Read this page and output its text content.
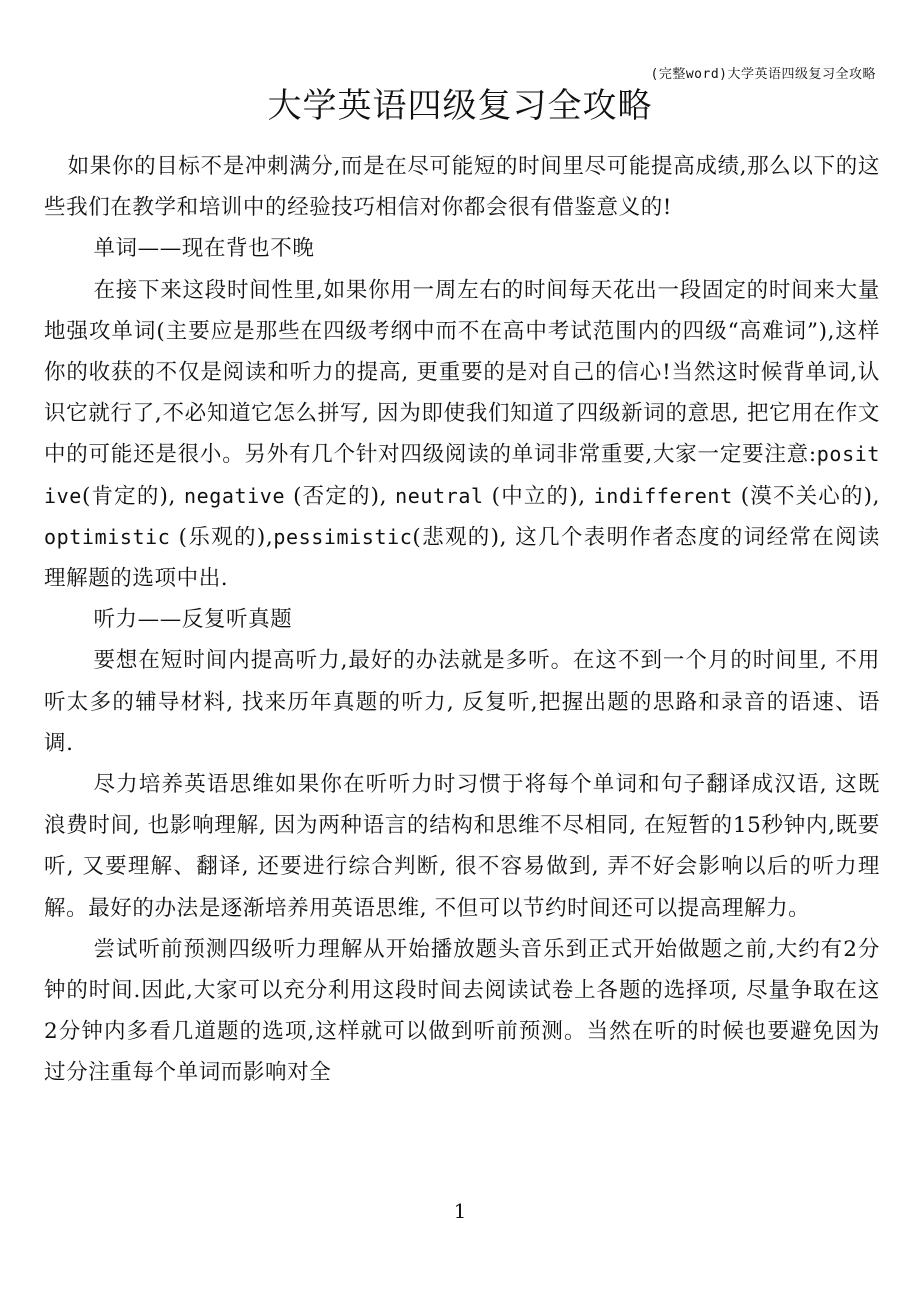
(完整word)大学英语四级复习全攻略
大学英语四级复习全攻略

如果你的目标不是冲刺满分,而是在尽可能短的时间里尽可能提高成绩,那么以下的这些我们在教学和培训中的经验技巧相信对你都会很有借鉴意义的!

单词——现在背也不晚

在接下来这段时间性里,如果你用一周左右的时间每天花出一段固定的时间来大量地强攻单词(主要应是那些在四级考纲中而不在高中考试范围内的四级“高难词”),这样你的收获的不仅是阅读和听力的提高, 更重要的是对自己的信心!当然这时候背单词,认识它就行了,不必知道它怎么拼写, 因为即使我们知道了四级新词的意思, 把它用在作文中的可能还是很小。另外有几个针对四级阅读的单词非常重要,大家一定要注意:positive(肯定的), negative (否定的), neutral (中立的), indifferent (漠不关心的), optimistic (乐观的),pessimistic(悲观的), 这几个表明作者态度的词经常在阅读理解题的选项中出.

听力——反复听真题

要想在短时间内提高听力,最好的办法就是多听。在这不到一个月的时间里, 不用听太多的辅导材料, 找来历年真题的听力, 反复听,把握出题的思路和录音的语速、语调.

尽力培养英语思维如果你在听听力时习惯于将每个单词和句子翻译成汉语, 这既浪费时间, 也影响理解, 因为两种语言的结构和思维不尽相同, 在短暂的15秒钟内,既要听, 又要理解、翻译, 还要进行综合判断, 很不容易做到, 弄不好会影响以后的听力理解。最好的办法是逐渐培养用英语思维, 不但可以节约时间还可以提高理解力。

尝试听前预测四级听力理解从开始播放题头音乐到正式开始做题之前,大约有2分钟的时间.因此,大家可以充分利用这段时间去阅读试卷上各题的选择项, 尽量争取在这2分钟内多看几道题的选项,这样就可以做到听前预测。当然在听的时候也要避免因为过分注重每个单词而影响对全

1
